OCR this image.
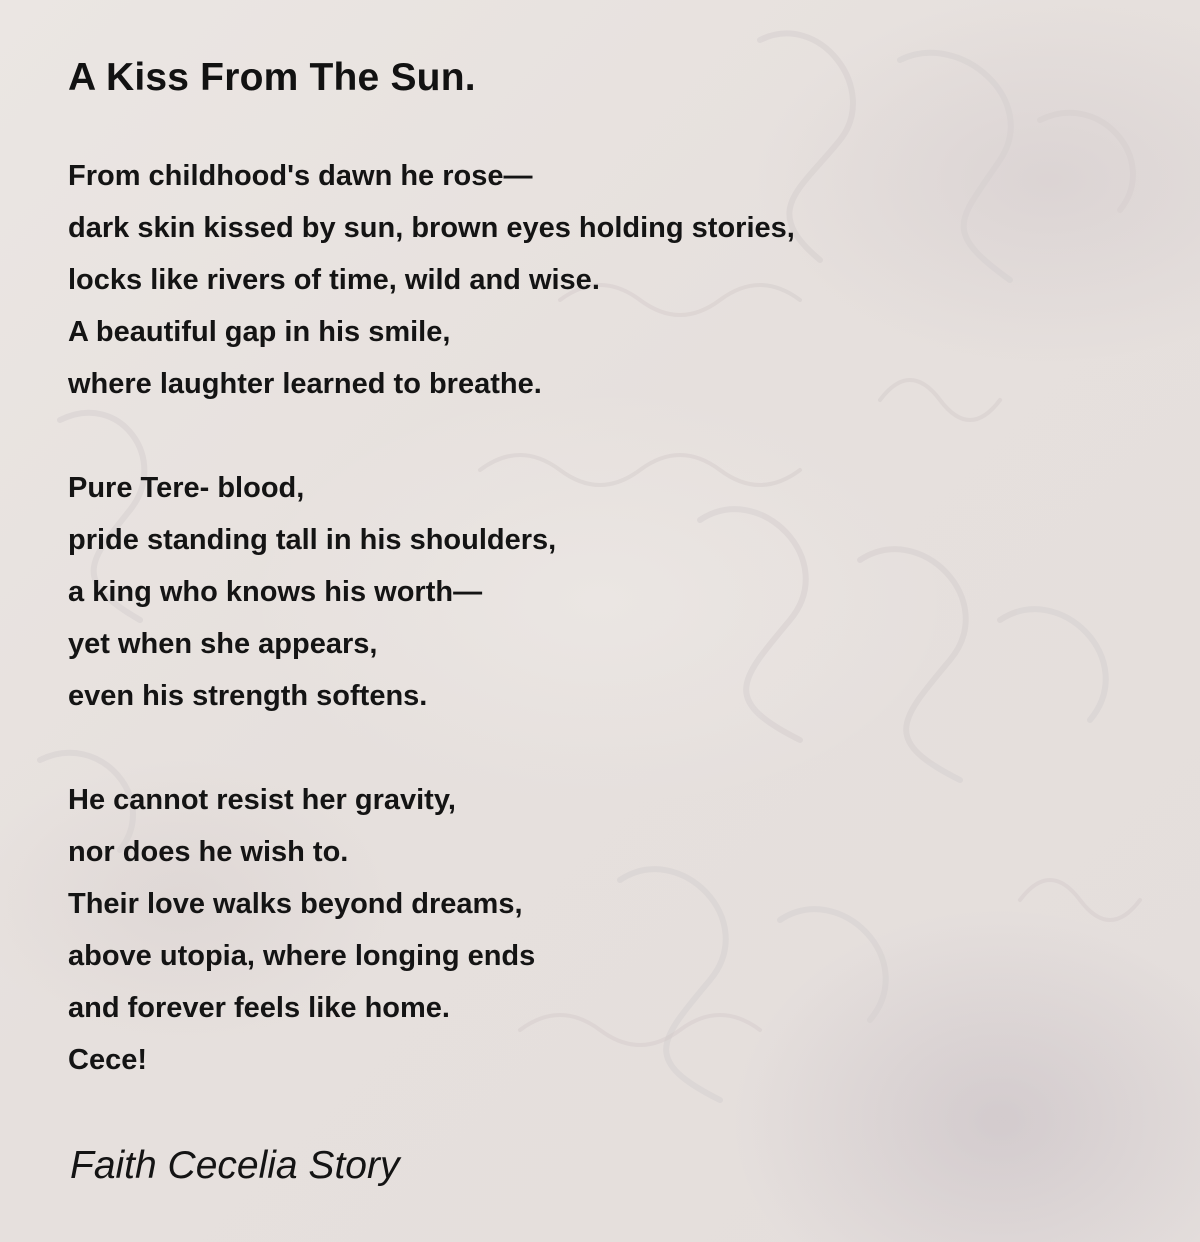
A Kiss From The Sun.
From childhood's dawn he rose—
dark skin kissed by sun, brown eyes holding stories,
locks like rivers of time, wild and wise.
A beautiful gap in his smile,
where laughter learned to breathe.
Pure Tere- blood,
pride standing tall in his shoulders,
a king who knows his worth—
yet when she appears,
even his strength softens.
He cannot resist her gravity,
nor does he wish to.
Their love walks beyond dreams,
above utopia, where longing ends
and forever feels like home.
Cece!
Faith Cecelia Story
